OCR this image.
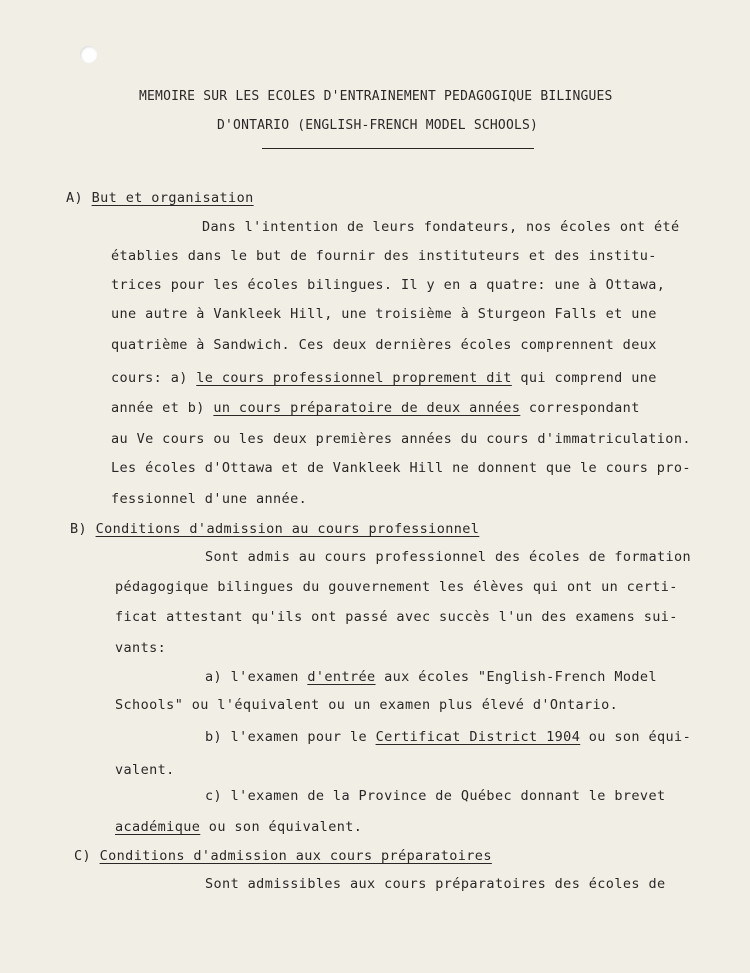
MEMOIRE SUR LES ECOLES D'ENTRAINEMENT PEDAGOGIQUE BILINGUES
D'ONTARIO (ENGLISH-FRENCH MODEL SCHOOLS)
A) But et organisation
Dans l'intention de leurs fondateurs, nos écoles ont été
établies dans le but de fournir des instituteurs et des institu-
trices pour les écoles bilingues. Il y en a quatre: une à Ottawa,
une autre à Vankleek Hill, une troisième à Sturgeon Falls et une
quatrième à Sandwich. Ces deux dernières écoles comprennent deux
cours: a) le cours professionnel proprement dit qui comprend une
année et b) un cours préparatoire de deux années correspondant
au Ve cours ou les deux premières années du cours d'immatriculation.
Les écoles d'Ottawa et de Vankleek Hill ne donnent que le cours pro-
fessionnel d'une année.
B) Conditions d'admission au cours professionnel
Sont admis au cours professionnel des écoles de formation
pédagogique bilingues du gouvernement les élèves qui ont un certi-
ficat attestant qu'ils ont passé avec succès l'un des examens sui-
vants:
a) l'examen d'entrée aux écoles "English-French Model
Schools" ou l'équivalent ou un examen plus élevé d'Ontario.
b) l'examen pour le Certificat District 1904 ou son équi-
valent.
c) l'examen de la Province de Québec donnant le brevet
académique ou son équivalent.
C) Conditions d'admission aux cours préparatoires
Sont admissibles aux cours préparatoires des écoles de
